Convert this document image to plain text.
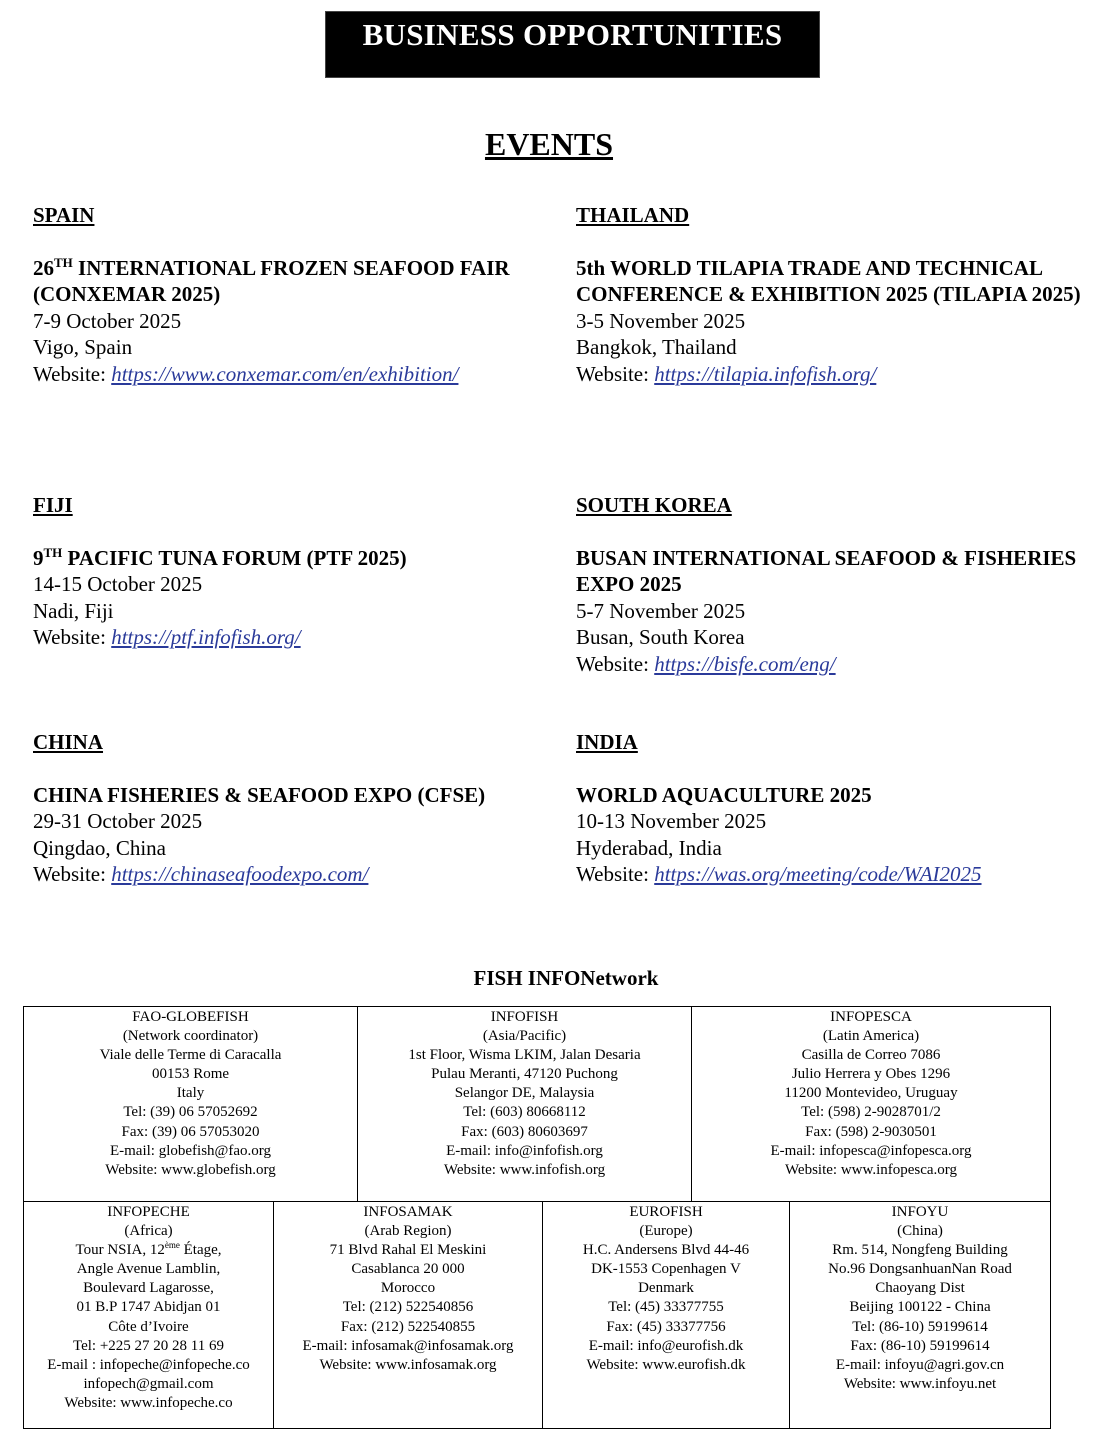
BUSINESS OPPORTUNITIES
EVENTS
SPAIN
26TH INTERNATIONAL FROZEN SEAFOOD FAIR (CONXEMAR 2025)
7-9 October 2025
Vigo, Spain
Website: https://www.conxemar.com/en/exhibition/
THAILAND
5th WORLD TILAPIA TRADE AND TECHNICAL CONFERENCE & EXHIBITION 2025 (TILAPIA 2025)
3-5 November 2025
Bangkok, Thailand
Website: https://tilapia.infofish.org/
FIJI
9TH PACIFIC TUNA FORUM (PTF 2025)
14-15 October 2025
Nadi, Fiji
Website: https://ptf.infofish.org/
SOUTH KOREA
BUSAN INTERNATIONAL SEAFOOD & FISHERIES EXPO 2025
5-7 November 2025
Busan, South Korea
Website: https://bisfe.com/eng/
CHINA
CHINA FISHERIES & SEAFOOD EXPO (CFSE)
29-31 October 2025
Qingdao, China
Website: https://chinaseafoodexpo.com/
INDIA
WORLD AQUACULTURE 2025
10-13 November 2025
Hyderabad, India
Website: https://was.org/meeting/code/WAI2025
FISH INFONetwork
FAO-GLOBEFISH
(Network coordinator)
Viale delle Terme di Caracalla
00153 Rome
Italy
Tel: (39) 06 57052692
Fax: (39) 06 57053020
E-mail: globefish@fao.org
Website: www.globefish.org
INFOFISH
(Asia/Pacific)
1st Floor, Wisma LKIM, Jalan Desaria
Pulau Meranti, 47120 Puchong
Selangor DE, Malaysia
Tel: (603) 80668112
Fax: (603) 80603697
E-mail: info@infofish.org
Website: www.infofish.org
INFOPESCA
(Latin America)
Casilla de Correo 7086
Julio Herrera y Obes 1296
11200 Montevideo, Uruguay
Tel: (598) 2-9028701/2
Fax: (598) 2-9030501
E-mail: infopesca@infopesca.org
Website: www.infopesca.org
INFOPECHE
(Africa)
Tour NSIA, 12ème Étage,
Angle Avenue Lamblin,
Boulevard Lagarosse,
01 B.P 1747 Abidjan 01
Côte d’Ivoire
Tel: +225 27 20 28 11 69
E-mail : infopeche@infopeche.co
infopech@gmail.com
Website: www.infopeche.co
INFOSAMAK
(Arab Region)
71 Blvd Rahal El Meskini
Casablanca 20 000
Morocco
Tel: (212) 522540856
Fax: (212) 522540855
E-mail: infosamak@infosamak.org
Website: www.infosamak.org
EUROFISH
(Europe)
H.C. Andersens Blvd 44-46
DK-1553 Copenhagen V
Denmark
Tel: (45) 33377755
Fax: (45) 33377756
E-mail: info@eurofish.dk
Website: www.eurofish.dk
INFOYU
(China)
Rm. 514, Nongfeng Building
No.96 DongsanhuanNan Road
Chaoyang Dist
Beijing 100122 - China
Tel: (86-10) 59199614
Fax: (86-10) 59199614
E-mail: infoyu@agri.gov.cn
Website: www.infoyu.net
